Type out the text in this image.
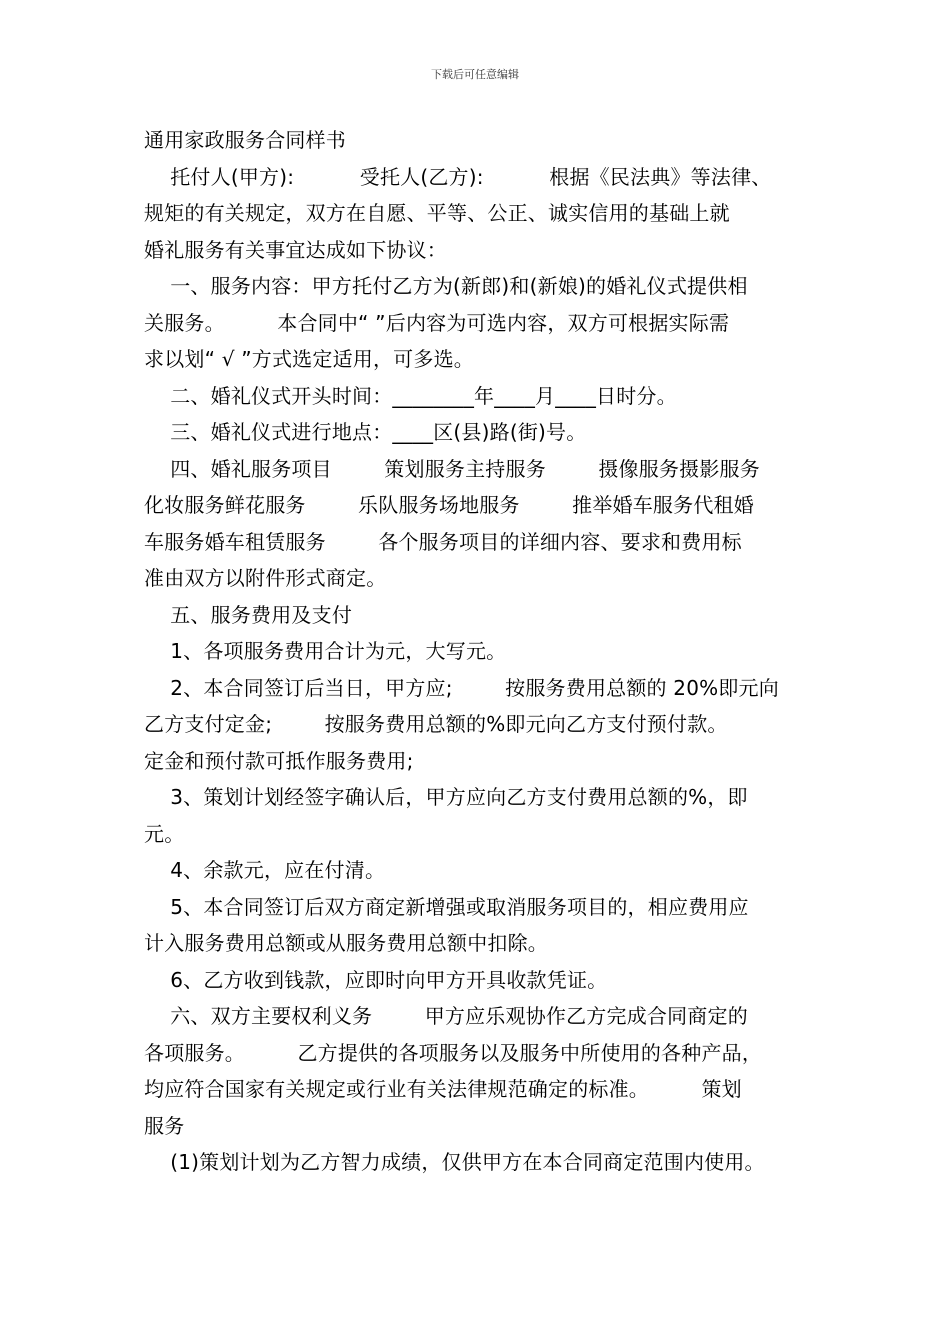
下载后可任意编辑

通用家政服务合同样书

托付人(甲方):          受托人(乙方):          根据《民法典》等法律、

规矩的有关规定，双方在自愿、平等、公正、诚实信用的基础上就

婚礼服务有关事宜达成如下协议：

一、服务内容：甲方托付乙方为(新郎)和(新娘)的婚礼仪式提供相

关服务。        本合同中“ ”后内容为可选内容，双方可根据实际需

求以划“ √ ”方式选定适用，可多选。

二、婚礼仪式开头时间：________年____月____日时分。

三、婚礼仪式进行地点：____区(县)路(街)号。

四、婚礼服务项目        策划服务主持服务        摄像服务摄影服务

化妆服务鲜花服务        乐队服务场地服务        推举婚车服务代租婚

车服务婚车租赁服务        各个服务项目的详细内容、要求和费用标

准由双方以附件形式商定。

五、服务费用及支付

1、各项服务费用合计为元，大写元。

2、本合同签订后当日，甲方应;        按服务费用总额的 20%即元向

乙方支付定金;        按服务费用总额的%即元向乙方支付预付款。

定金和预付款可抵作服务费用;

3、策划计划经签字确认后，甲方应向乙方支付费用总额的%，即

元。

4、余款元，应在付清。

5、本合同签订后双方商定新增强或取消服务项目的，相应费用应

计入服务费用总额或从服务费用总额中扣除。

6、乙方收到钱款，应即时向甲方开具收款凭证。

六、双方主要权利义务        甲方应乐观协作乙方完成合同商定的

各项服务。        乙方提供的各项服务以及服务中所使用的各种产品，

均应符合国家有关规定或行业有关法律规范确定的标准。        策划

服务

(1)策划计划为乙方智力成绩，仅供甲方在本合同商定范围内使用。
